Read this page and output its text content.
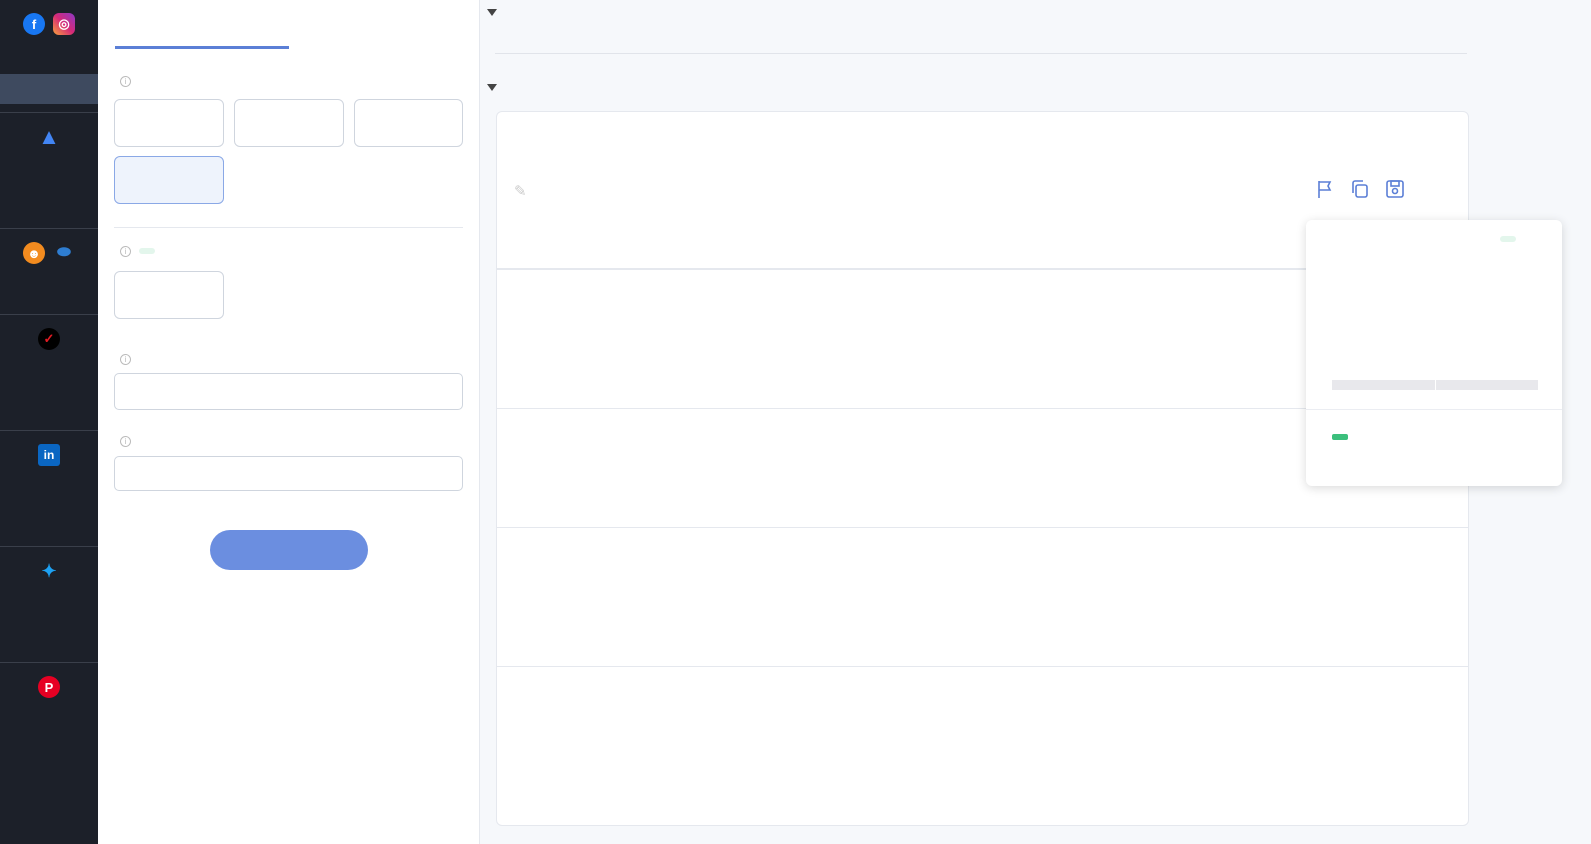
f	◎
▲
☻ ⬬
✓
in
✦
P
i
i
i
i
✎
